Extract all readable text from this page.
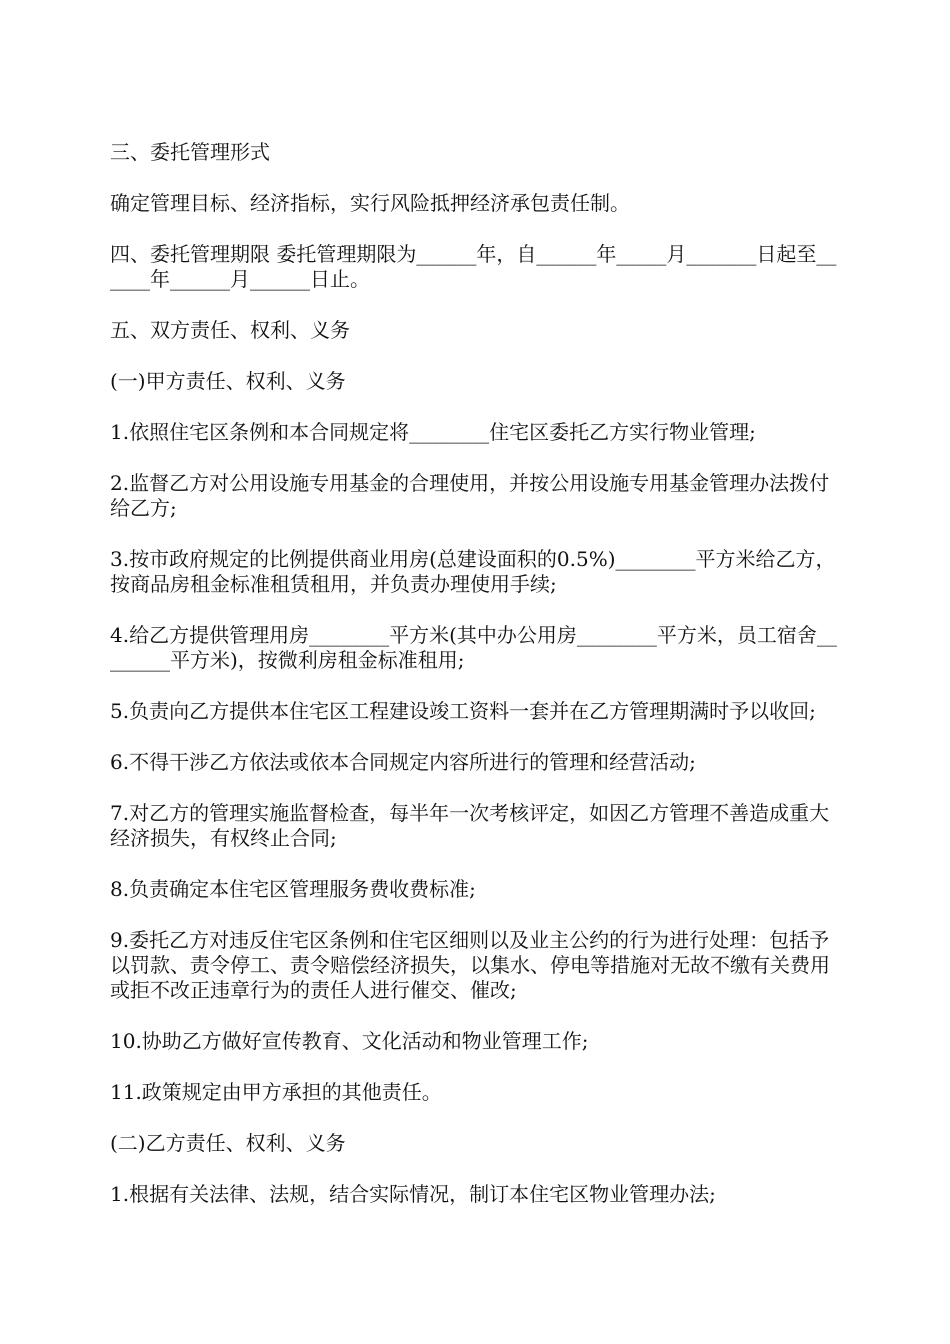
三、委托管理形式

确定管理目标、经济指标，实行风险抵押经济承包责任制。

四、委托管理期限 委托管理期限为______年，自______年_____月_______日起至______年______月______日止。

五、双方责任、权利、义务

(一)甲方责任、权利、义务

1.依照住宅区条例和本合同规定将________住宅区委托乙方实行物业管理;

2.监督乙方对公用设施专用基金的合理使用，并按公用设施专用基金管理办法拨付给乙方;

3.按市政府规定的比例提供商业用房(总建设面积的0.5%)________平方米给乙方，按商品房租金标准租赁租用，并负责办理使用手续;

4.给乙方提供管理用房________平方米(其中办公用房________平方米，员工宿舍________平方米)，按微利房租金标准租用;

5.负责向乙方提供本住宅区工程建设竣工资料一套并在乙方管理期满时予以收回;

6.不得干涉乙方依法或依本合同规定内容所进行的管理和经营活动;

7.对乙方的管理实施监督检查，每半年一次考核评定，如因乙方管理不善造成重大经济损失，有权终止合同;

8.负责确定本住宅区管理服务费收费标准;

9.委托乙方对违反住宅区条例和住宅区细则以及业主公约的行为进行处理：包括予以罚款、责令停工、责令赔偿经济损失，以集水、停电等措施对无故不缴有关费用或拒不改正违章行为的责任人进行催交、催改;

10.协助乙方做好宣传教育、文化活动和物业管理工作;

11.政策规定由甲方承担的其他责任。

(二)乙方责任、权利、义务

1.根据有关法律、法规，结合实际情况，制订本住宅区物业管理办法;
